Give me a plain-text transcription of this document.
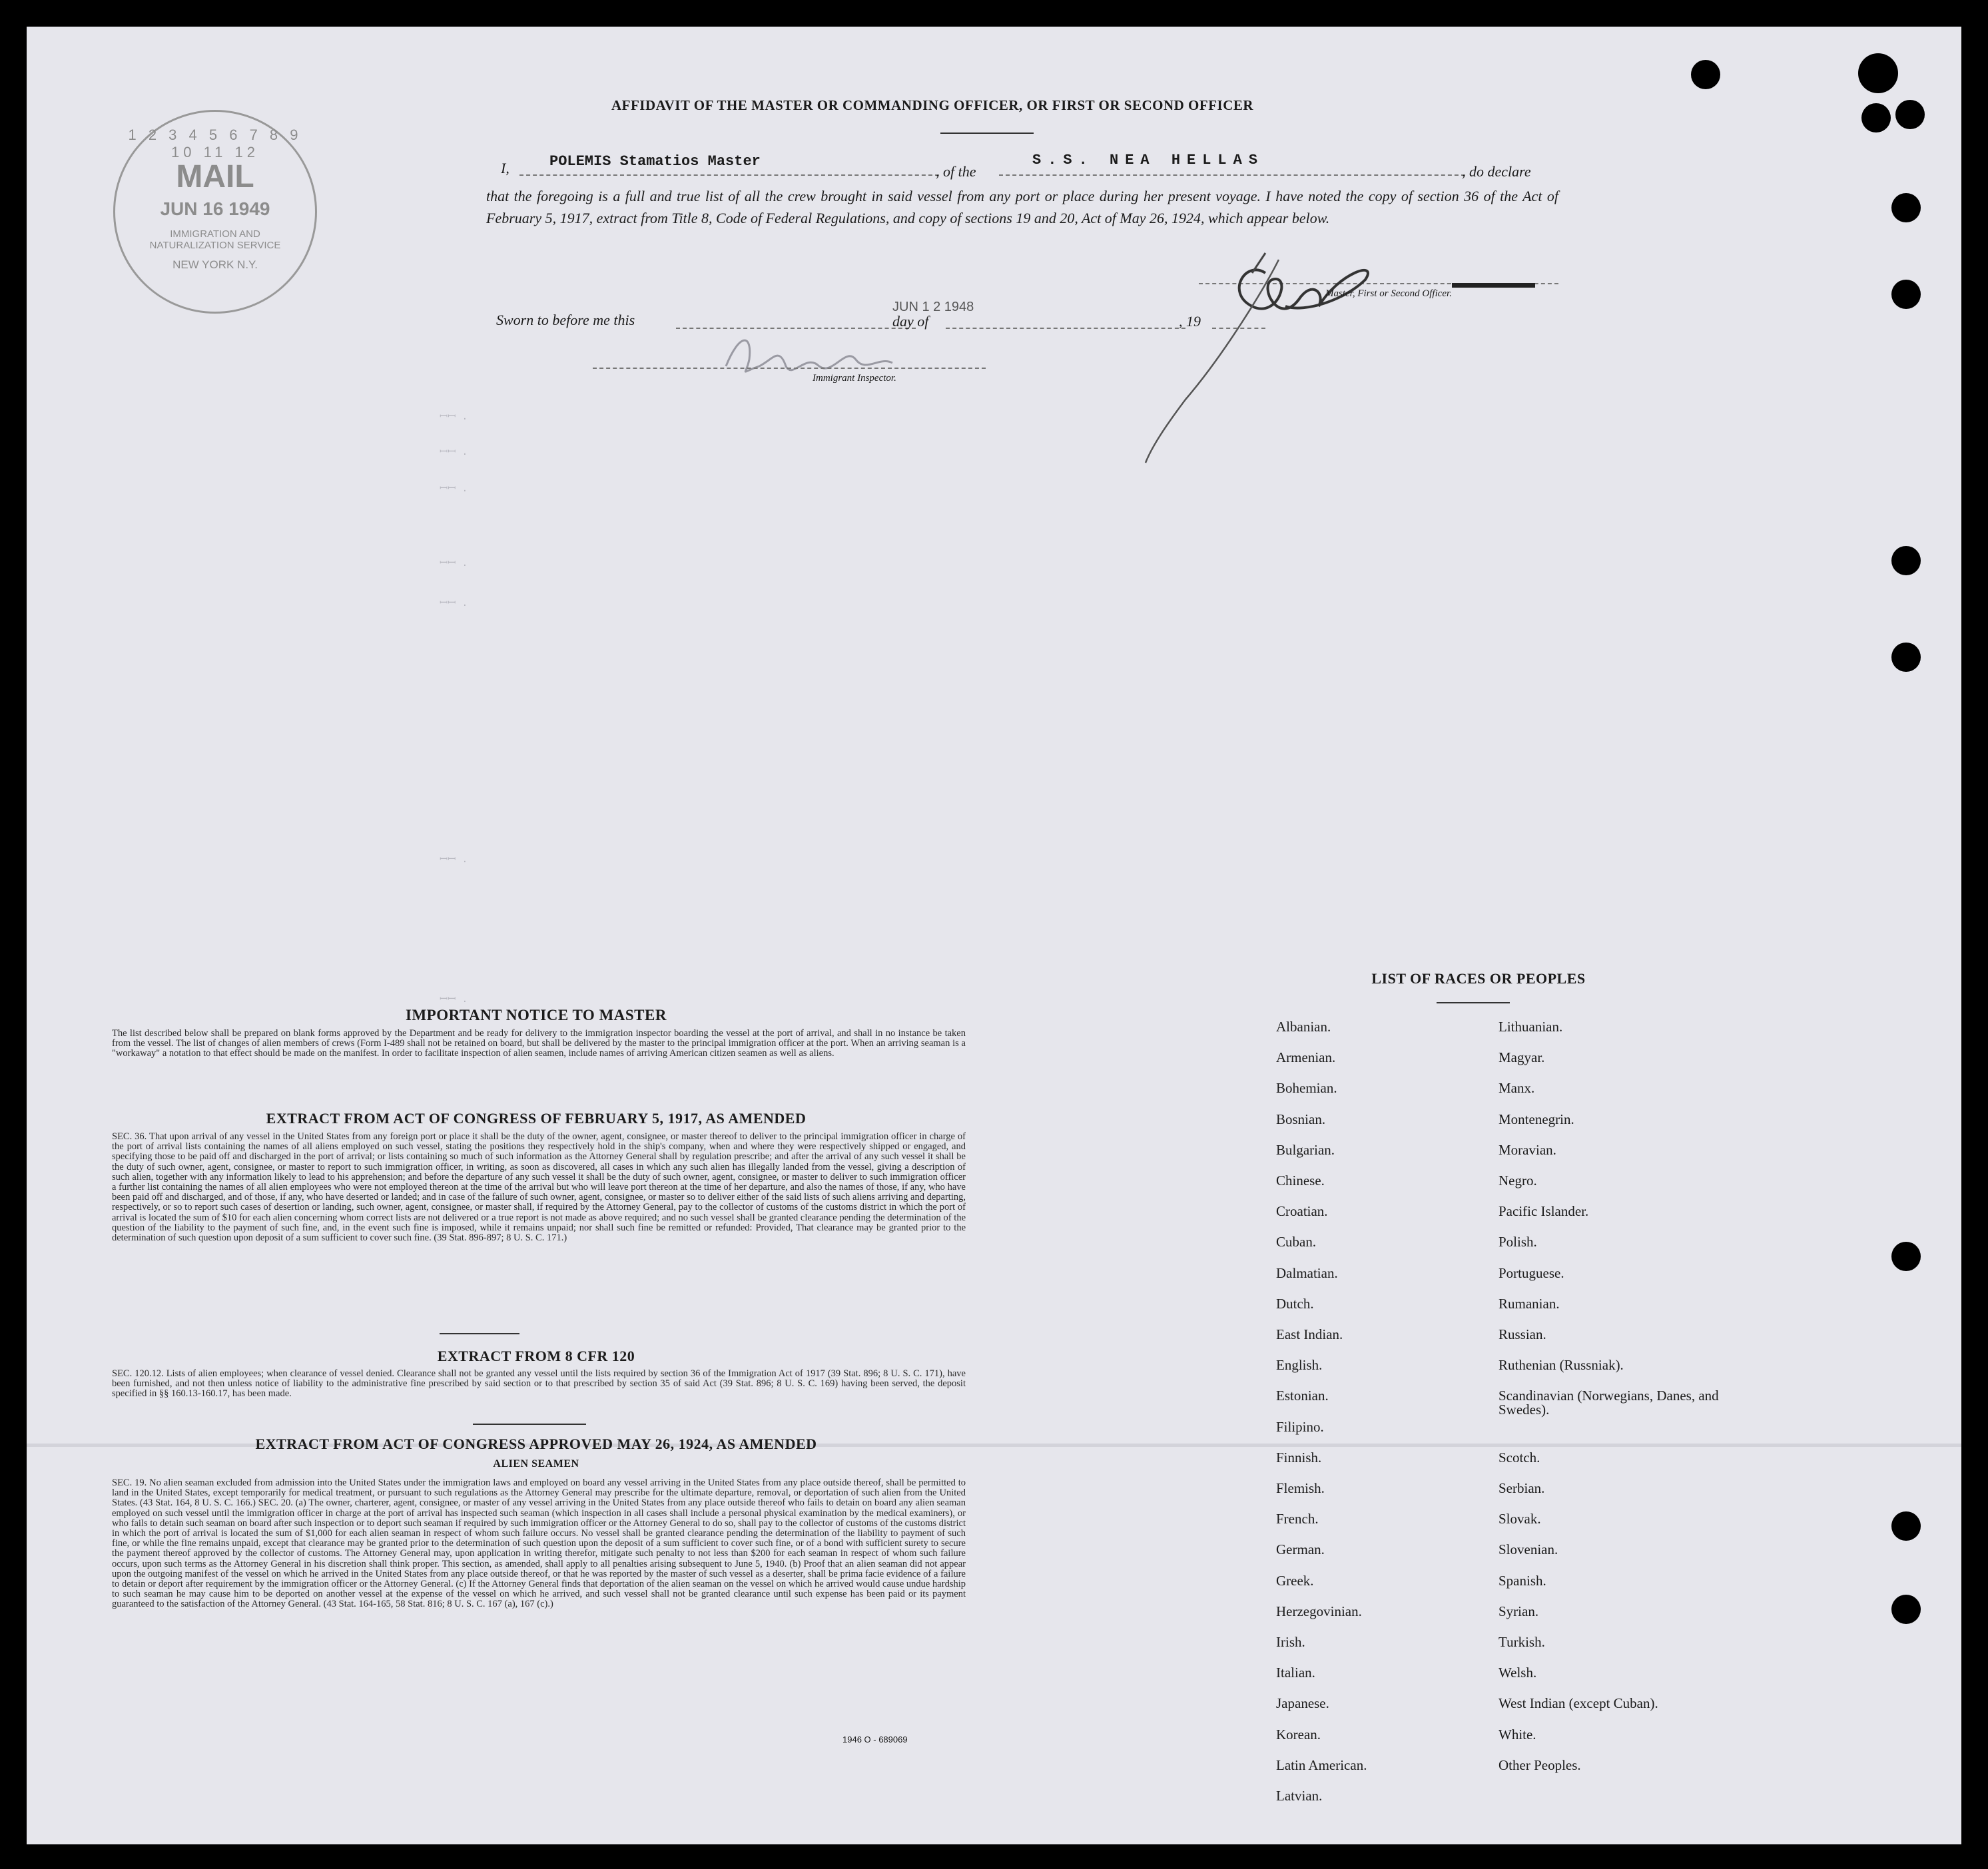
1 2 3 4 5 6 7 8 9 10 11 12
MAIL
JUN 16 1949
IMMIGRATION AND NATURALIZATION SERVICE
NEW YORK N.Y.
AFFIDAVIT OF THE MASTER OR COMMANDING OFFICER, OR FIRST OR SECOND OFFICER
I,	POLEMIS Stamatios Master
, of the
S.S. NEA HELLAS
, do declare
that the foregoing is a full and true list of all the crew brought in said vessel from any port or place during her present voyage. I have noted the copy of section 36 of the Act of February 5, 1917, extract from Title 8, Code of Federal Regulations, and copy of sections 19 and 20, Act of May 26, 1924, which appear below.
Master, First or Second Officer.
Sworn to before me this
JUN 1 2 1948
day of	, 19
Immigrant Inspector.
ꟷꟷ .
ꟷꟷ .
ꟷꟷ .
ꟷꟷ .
ꟷꟷ .
ꟷꟷ .
ꟷꟷ .
IMPORTANT NOTICE TO MASTER
The list described below shall be prepared on blank forms approved by the Department and be ready for delivery to the immigration inspector boarding the vessel at the port of arrival, and shall in no instance be taken from the vessel. The list of changes of alien members of crews (Form I-489 shall not be retained on board, but shall be delivered by the master to the principal immigration officer at the port. When an arriving seaman is a "workaway" a notation to that effect should be made on the manifest. In order to facilitate inspection of alien seamen, include names of arriving American citizen seamen as well as aliens.
EXTRACT FROM ACT OF CONGRESS OF FEBRUARY 5, 1917, AS AMENDED
SEC. 36. That upon arrival of any vessel in the United States from any foreign port or place it shall be the duty of the owner, agent, consignee, or master thereof to deliver to the principal immigration officer in charge of the port of arrival lists containing the names of all aliens employed on such vessel, stating the positions they respectively hold in the ship's company, when and where they were respectively shipped or engaged, and specifying those to be paid off and discharged in the port of arrival; or lists containing so much of such information as the Attorney General shall by regulation prescribe; and after the arrival of any such vessel it shall be the duty of such owner, agent, consignee, or master to report to such immigration officer, in writing, as soon as discovered, all cases in which any such alien has illegally landed from the vessel, giving a description of such alien, together with any information likely to lead to his apprehension; and before the departure of any such vessel it shall be the duty of such owner, agent, consignee, or master to deliver to such immigration officer a further list containing the names of all alien employees who were not employed thereon at the time of the arrival but who will leave port thereon at the time of her departure, and also the names of those, if any, who have been paid off and discharged, and of those, if any, who have deserted or landed; and in case of the failure of such owner, agent, consignee, or master so to deliver either of the said lists of such aliens arriving and departing, respectively, or so to report such cases of desertion or landing, such owner, agent, consignee, or master shall, if required by the Attorney General, pay to the collector of customs of the customs district in which the port of arrival is located the sum of $10 for each alien concerning whom correct lists are not delivered or a true report is not made as above required; and no such vessel shall be granted clearance pending the determination of the question of the liability to the payment of such fine, and, in the event such fine is imposed, while it remains unpaid; nor shall such fine be remitted or refunded: Provided, That clearance may be granted prior to the determination of such question upon deposit of a sum sufficient to cover such fine. (39 Stat. 896-897; 8 U. S. C. 171.)
EXTRACT FROM 8 CFR 120
SEC. 120.12. Lists of alien employees; when clearance of vessel denied. Clearance shall not be granted any vessel until the lists required by section 36 of the Immigration Act of 1917 (39 Stat. 896; 8 U. S. C. 171), have been furnished, and not then unless notice of liability to the administrative fine prescribed by said section or to that prescribed by section 35 of said Act (39 Stat. 896; 8 U. S. C. 169) having been served, the deposit specified in §§ 160.13-160.17, has been made.
EXTRACT FROM ACT OF CONGRESS APPROVED MAY 26, 1924, AS AMENDED
ALIEN SEAMEN
SEC. 19. No alien seaman excluded from admission into the United States under the immigration laws and employed on board any vessel arriving in the United States from any place outside thereof, shall be permitted to land in the United States, except temporarily for medical treatment, or pursuant to such regulations as the Attorney General may prescribe for the ultimate departure, removal, or deportation of such alien from the United States. (43 Stat. 164, 8 U. S. C. 166.) SEC. 20. (a) The owner, charterer, agent, consignee, or master of any vessel arriving in the United States from any place outside thereof who fails to detain on board any alien seaman employed on such vessel until the immigration officer in charge at the port of arrival has inspected such seaman (which inspection in all cases shall include a personal physical examination by the medical examiners), or who fails to detain such seaman on board after such inspection or to deport such seaman if required by such immigration officer or the Attorney General to do so, shall pay to the collector of customs of the customs district in which the port of arrival is located the sum of $1,000 for each alien seaman in respect of whom such failure occurs. No vessel shall be granted clearance pending the determination of the liability to payment of such fine, or while the fine remains unpaid, except that clearance may be granted prior to the determination of such question upon the deposit of a sum sufficient to cover such fine, or of a bond with sufficient surety to secure the payment thereof approved by the collector of customs. The Attorney General may, upon application in writing therefor, mitigate such penalty to not less than $200 for each seaman in respect of whom such failure occurs, upon such terms as the Attorney General in his discretion shall think proper. This section, as amended, shall apply to all penalties arising subsequent to June 5, 1940. (b) Proof that an alien seaman did not appear upon the outgoing manifest of the vessel on which he arrived in the United States from any place outside thereof, or that he was reported by the master of such vessel as a deserter, shall be prima facie evidence of a failure to detain or deport after requirement by the immigration officer or the Attorney General. (c) If the Attorney General finds that deportation of the alien seaman on the vessel on which he arrived would cause undue hardship to such seaman he may cause him to be deported on another vessel at the expense of the vessel on which he arrived, and such vessel shall not be granted clearance until such expense has been paid or its payment guaranteed to the satisfaction of the Attorney General. (43 Stat. 164-165, 58 Stat. 816; 8 U. S. C. 167 (a), 167 (c).)
1946 O - 689069
LIST OF RACES OR PEOPLES
Albanian.
Armenian.
Bohemian.
Bosnian.
Bulgarian.
Chinese.
Croatian.
Cuban.
Dalmatian.
Dutch.
East Indian.
English.
Estonian.
Filipino.
Finnish.
Flemish.
French.
German.
Greek.
Herzegovinian.
Irish.
Italian.
Japanese.
Korean.
Latin American.
Latvian.
Lithuanian.
Magyar.
Manx.
Montenegrin.
Moravian.
Negro.
Pacific Islander.
Polish.
Portuguese.
Rumanian.
Russian.
Ruthenian (Russniak).
Scandinavian (Norwegians, Danes, and Swedes).
Scotch.
Serbian.
Slovak.
Slovenian.
Spanish.
Syrian.
Turkish.
Welsh.
West Indian (except Cuban).
White.
Other Peoples.
